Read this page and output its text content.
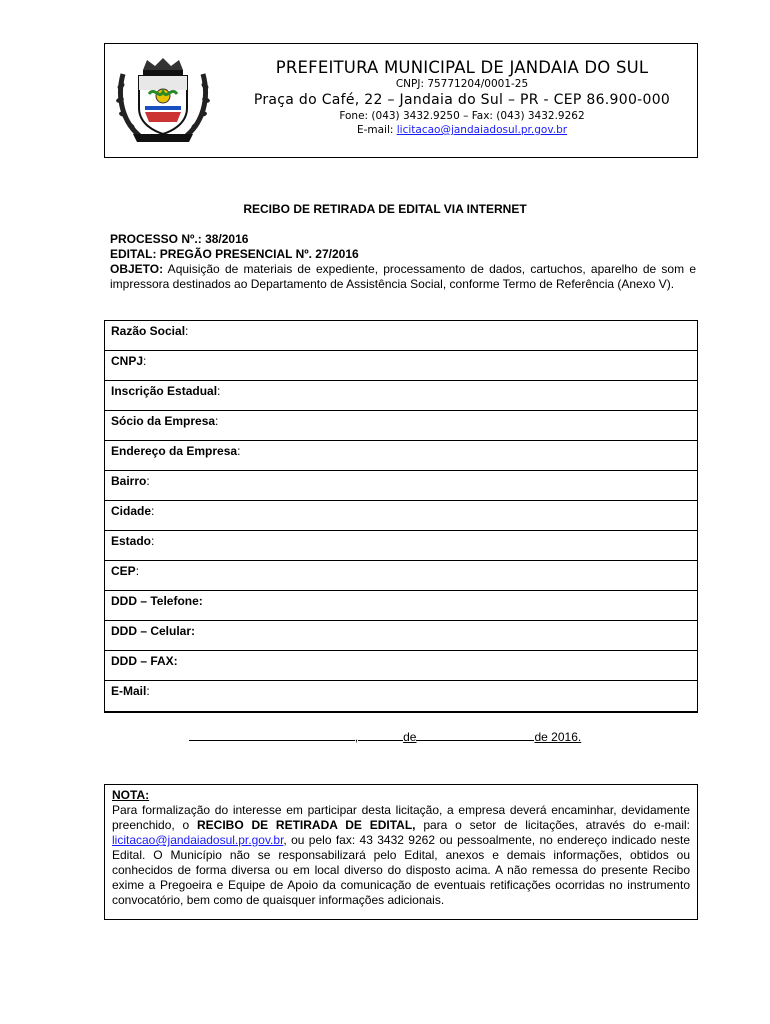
PREFEITURA MUNICIPAL DE JANDAIA DO SUL
CNPJ: 75771204/0001-25
Praça do Café, 22 – Jandaia do Sul – PR - CEP 86.900-000
Fone: (043) 3432.9250 – Fax: (043) 3432.9262
E-mail: licitacao@jandaiadosul.pr.gov.br
RECIBO DE RETIRADA DE EDITAL VIA INTERNET
PROCESSO Nº.: 38/2016
EDITAL: PREGÃO PRESENCIAL Nº. 27/2016
OBJETO: Aquisição de materiais de expediente, processamento de dados, cartuchos, aparelho de som e impressora destinados ao Departamento de Assistência Social, conforme Termo de Referência (Anexo V).
Razão Social:
CNPJ:
Inscrição Estadual:
Sócio da Empresa:
Endereço da Empresa:
Bairro:
Cidade:
Estado:
CEP:
DDD – Telefone:
DDD – Celular:
DDD – FAX:
E-Mail:
,	de	de 2016.
NOTA:
Para formalização do interesse em participar desta licitação, a empresa deverá encaminhar, devidamente preenchido, o RECIBO DE RETIRADA DE EDITAL, para o setor de licitações, através do e-mail: licitacao@jandaiadosul.pr.gov.br, ou pelo fax: 43 3432 9262 ou pessoalmente, no endereço indicado neste Edital. O Município não se responsabilizará pelo Edital, anexos e demais informações, obtidos ou conhecidos de forma diversa ou em local diverso do disposto acima. A não remessa do presente Recibo exime a Pregoeira e Equipe de Apoio da comunicação de eventuais retificações ocorridas no instrumento convocatório, bem como de quaisquer informações adicionais.
